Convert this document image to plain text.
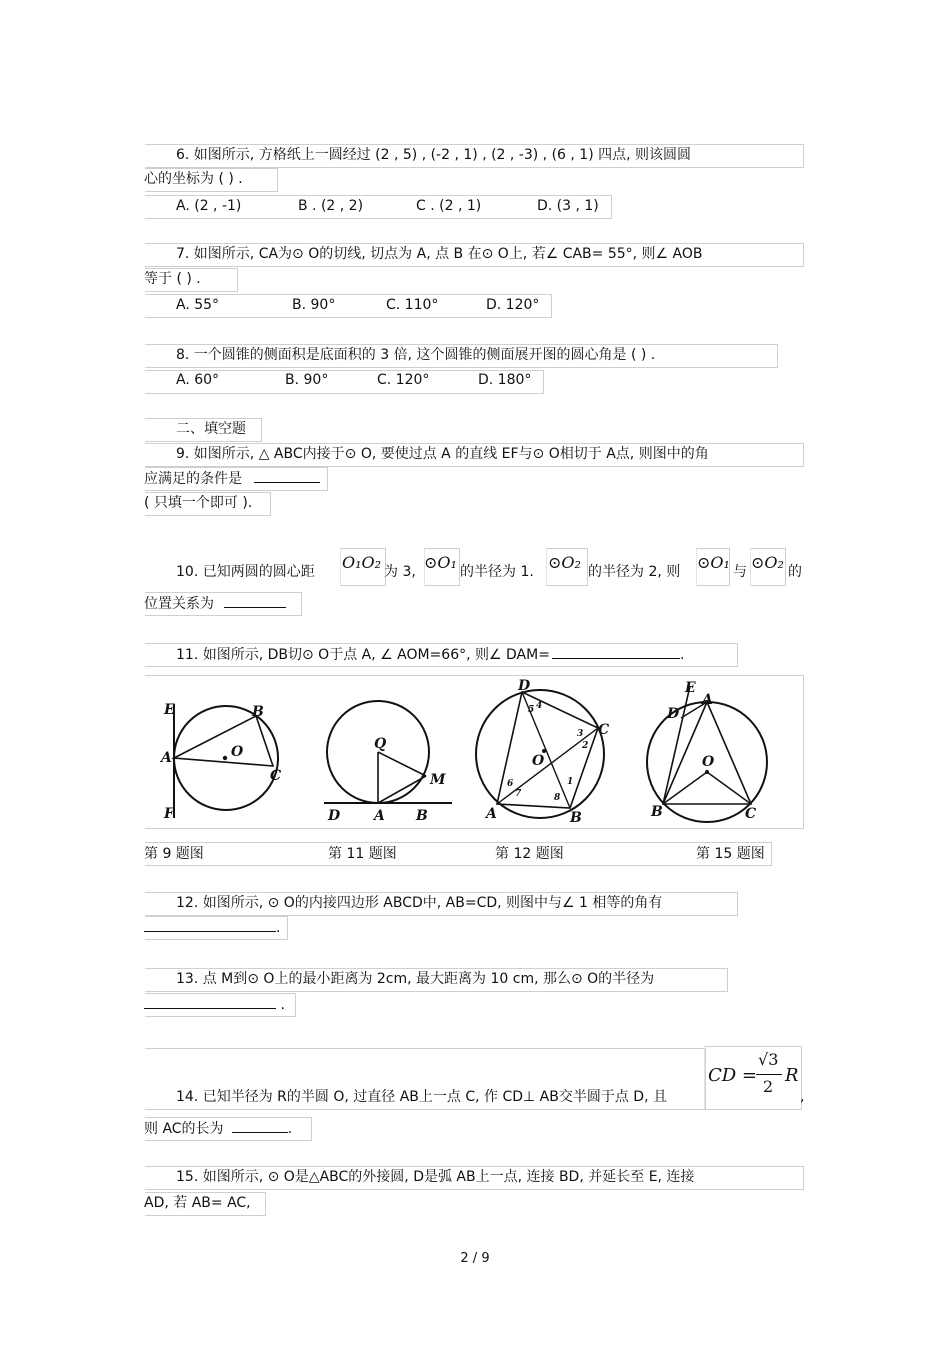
6. 如图所示, 方格纸上一圆经过 (2 , 5) , (-2 , 1) , (2 , -3) , (6 , 1) 四点, 则该圆圆
心的坐标为 ( ) .
A. (2 , -1)	B . (2 , 2)	C . (2 , 1)	D. (3 , 1)
7. 如图所示, CA为⊙ O的切线, 切点为 A, 点 B 在⊙ O上, 若∠ CAB= 55°, 则∠ AOB
等于 ( ) .
A. 55°	B. 90°	C. 110°	D. 120°
8. 一个圆锥的侧面积是底面积的 3 倍, 这个圆锥的侧面展开图的圆心角是 ( ) .
A. 60°	B. 90°	C. 120°	D. 180°
二、填空题
9. 如图所示, △ ABC内接于⊙ O, 要使过点 A 的直线 EF与⊙ O相切于 A点, 则图中的角
应满足的条件是
( 只填一个即可 ).
10. 已知两圆的圆心距 O₁O₂ 为 3, ⊙O₁ 的半径为 1. ⊙O₂ 的半径为 2, 则 ⊙O₁ 与 ⊙O₂ 的
位置关系为
11. 如图所示, DB切⊙ O于点 A, ∠ AOM=66°, 则∠ DAM=	.
E	B
A	O
C
F
Q
M
D A B
D
4
5
C
3
2
O
6
7
1
8
A	B
E
A
D
O
B	C
第 9 题图	第 11 题图	第 12 题图	第 15 题图
12. 如图所示, ⊙ O的内接四边形 ABCD中, AB=CD, 则图中与∠ 1 相等的角有
.
13. 点 M到⊙ O上的最小距离为 2cm, 最大距离为 10 cm, 那么⊙ O的半径为
.
14. 已知半径为 R的半圆 O, 过直径 AB上一点 C, 作 CD⊥ AB交半圆于点 D, 且
CD =
√3
2
R
,
则 AC的长为	.
15. 如图所示, ⊙ O是△ABC的外接圆, D是弧 AB上一点, 连接 BD, 并延长至 E, 连接
AD, 若 AB= AC,
2 / 9
